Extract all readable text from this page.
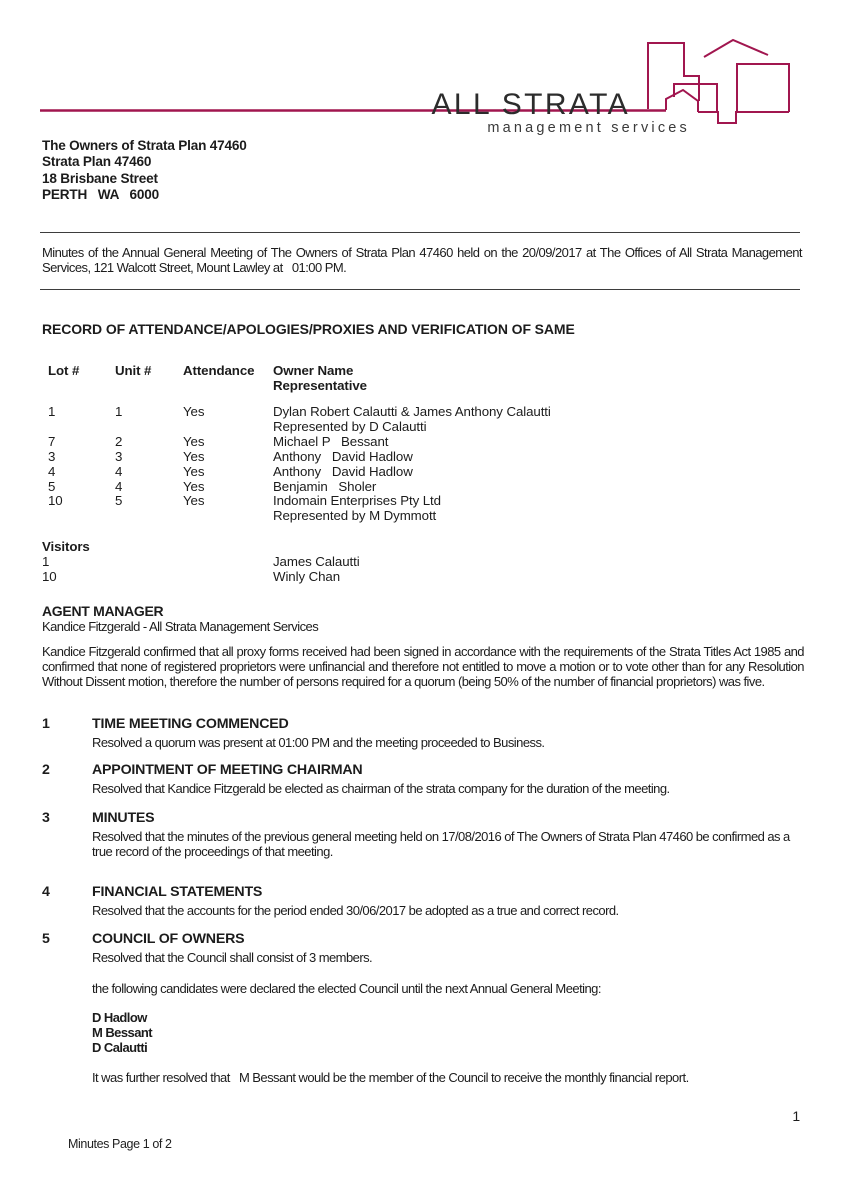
ALL STRATA
management services
The Owners of Strata Plan 47460
Strata Plan 47460
18 Brisbane Street
PERTH   WA   6000
Minutes of the Annual General Meeting of The Owners of Strata Plan 47460 held on the 20/09/2017 at The Offices of All Strata Management Services, 121 Walcott Street, Mount Lawley at   01:00 PM.
RECORD OF ATTENDANCE/APOLOGIES/PROXIES AND VERIFICATION OF SAME
Lot #	Unit #	Attendance	Owner Name
Representative
1	1	Yes	Dylan Robert Calautti & James Anthony Calautti
Represented by D Calautti
7	2	Yes	Michael P   Bessant
3	3	Yes	Anthony   David Hadlow
4	4	Yes	Anthony   David Hadlow
5	4	Yes	Benjamin   Sholer
10	5	Yes	Indomain Enterprises Pty Ltd
Represented by M Dymmott
Visitors
1	James Calautti
10	Winly Chan
AGENT MANAGER
Kandice Fitzgerald - All Strata Management Services
Kandice Fitzgerald confirmed that all proxy forms received had been signed in accordance with the requirements of the Strata Titles Act 1985 and confirmed that none of registered proprietors were unfinancial and therefore not entitled to move a motion or to vote other than for any Resolution Without Dissent motion, therefore the number of persons required for a quorum (being 50% of the number of financial proprietors) was five.
1	TIME MEETING COMMENCED
Resolved a quorum was present at 01:00 PM and the meeting proceeded to Business.
2	APPOINTMENT OF MEETING CHAIRMAN
Resolved that Kandice Fitzgerald be elected as chairman of the strata company for the duration of the meeting.
3	MINUTES
Resolved that the minutes of the previous general meeting held on 17/08/2016 of The Owners of Strata Plan 47460 be confirmed as a true record of the proceedings of that meeting.
4	FINANCIAL STATEMENTS
Resolved that the accounts for the period ended 30/06/2017 be adopted as a true and correct record.
5	COUNCIL OF OWNERS
Resolved that the Council shall consist of 3 members.
the following candidates were declared the elected Council until the next Annual General Meeting:
D Hadlow
M Bessant
D Calautti
It was further resolved that   M Bessant would be the member of the Council to receive the monthly financial report.
1
Minutes Page 1 of 2
